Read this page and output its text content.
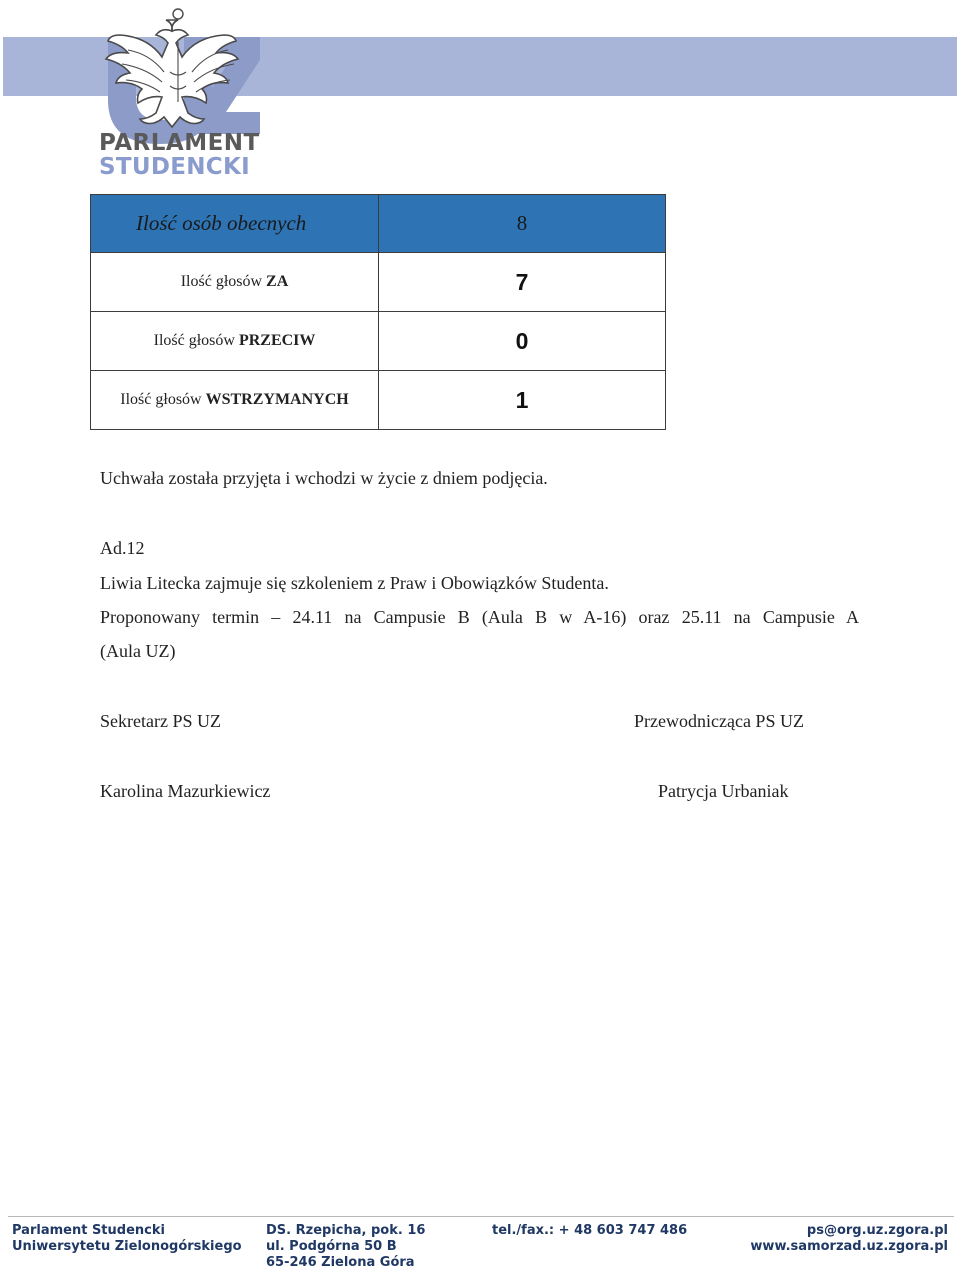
PARLAMENT
STUDENCKI
Ilość osób obecnych	8

Ilość głosów ZA	7

Ilość głosów PRZECIW	0

Ilość głosów WSTRZYMANYCH	1
Uchwała została przyjęta i wchodzi w życie z dniem podjęcia.
Ad.12
Liwia Litecka zajmuje się szkoleniem z Praw i Obowiązków Studenta.
Proponowany termin – 24.11 na Campusie B (Aula B w A-16) oraz 25.11 na Campusie A
(Aula UZ)
Sekretarz PS UZ	Przewodnicząca PS UZ
Karolina Mazurkiewicz	Patrycja Urbaniak
Parlament Studencki
Uniwersytetu Zielonogórskiego
DS. Rzepicha, pok. 16
ul. Podgórna 50 B
65-246 Zielona Góra
tel./fax.: + 48 603 747 486	ps@org.uz.zgora.pl
www.samorzad.uz.zgora.pl
